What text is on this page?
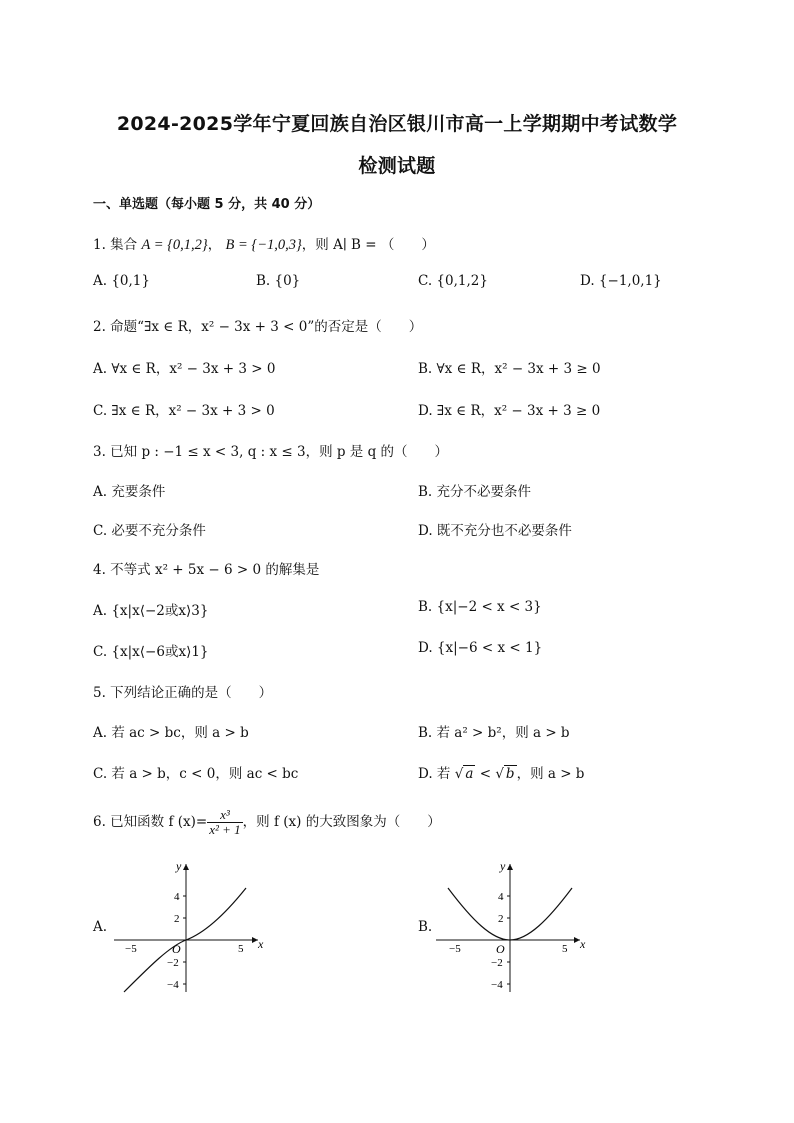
2024-2025学年宁夏回族自治区银川市高一上学期期中考试数学
检测试题
一、单选题（每小题 5 分，共 40 分）
1. 集合 A = {0,1,2}， B = {−1,0,3}，则 A∣ B = （　　）
A. {0,1}	B. {0}	C. {0,1,2}	D. {−1,0,1}
2. 命题“∃x ∈ R，x² − 3x + 3 < 0”的否定是（　　）
A. ∀x ∈ R，x² − 3x + 3 > 0	B. ∀x ∈ R，x² − 3x + 3 ≥ 0
C. ∃x ∈ R，x² − 3x + 3 > 0	D. ∃x ∈ R，x² − 3x + 3 ≥ 0
3. 已知 p : −1 ≤ x < 3, q : x ≤ 3，则 p 是 q 的（　　）
A. 充要条件	B. 充分不必要条件
C. 必要不充分条件	D. 既不充分也不必要条件
4. 不等式 x² + 5x − 6 > 0 的解集是
A. {x|x⟨−2或x⟩3}	B. {x|−2 < x < 3}
C. {x|x⟨−6或x⟩1}	D. {x|−6 < x < 1}
5. 下列结论正确的是（　　）
A. 若 ac > bc，则 a > b	B. 若 a² > b²，则 a > b
C. 若 a > b，c < 0，则 ac < bc	D. 若 √ a < √ b ，则 a > b
6. 已知函数 f $(x)= \frac{\text{x³}}{\text{x² + 1}}$ ，则 f (x) 的大致图象为（　　）
A.
y
x
O
4
2
−2
−4
−5	5
B.
y
x
O
4
2
−2
−4
−5	5
